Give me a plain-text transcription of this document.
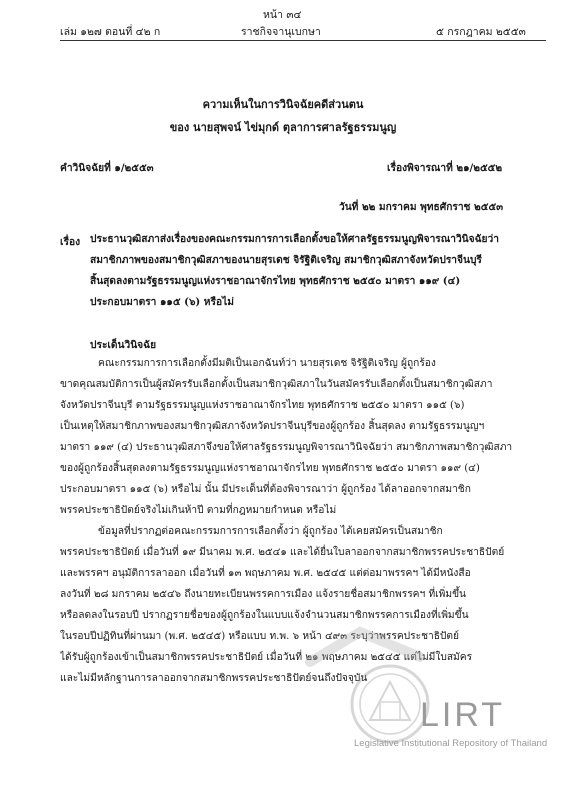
หน้า ๓๔
เล่ม ๑๒๗ ตอนที่ ๔๒ ก	ราชกิจจานุเบกษา	๕ กรกฎาคม ๒๕๕๓
ความเห็นในการวินิจฉัยคดีส่วนตน
ของ นายสุพจน์ ไข่มุกด์ ตุลาการศาลรัฐธรรมนูญ
คำวินิจฉัยที่ ๑/๒๕๕๓	เรื่องพิจารณาที่ ๒๑/๒๕๕๒
วันที่ ๒๒ มกราคม พุทธศักราช ๒๕๕๓
เรื่อง ประธานวุฒิสภาส่งเรื่องของคณะกรรมการการเลือกตั้งขอให้ศาลรัฐธรรมนูญพิจารณาวินิจฉัยว่า
สมาชิกภาพของสมาชิกวุฒิสภาของนายสุรเดช จิรัฐิติเจริญ สมาชิกวุฒิสภาจังหวัดปราจีนบุรี
สิ้นสุดลงตามรัฐธรรมนูญแห่งราชอาณาจักรไทย พุทธศักราช ๒๕๕๐ มาตรา ๑๑๙ (๔)
ประกอบมาตรา ๑๑๕ (๖) หรือไม่
ประเด็นวินิจฉัย
คณะกรรมการการเลือกตั้งมีมติเป็นเอกฉันท์ว่า นายสุรเดช จิรัฐิติเจริญ ผู้ถูกร้อง
ขาดคุณสมบัติการเป็นผู้สมัครรับเลือกตั้งเป็นสมาชิกวุฒิสภาในวันสมัครรับเลือกตั้งเป็นสมาชิกวุฒิสภา
จังหวัดปราจีนบุรี ตามรัฐธรรมนูญแห่งราชอาณาจักรไทย พุทธศักราช ๒๕๕๐ มาตรา ๑๑๕ (๖)
เป็นเหตุให้สมาชิกภาพของสมาชิกวุฒิสภาจังหวัดปราจีนบุรีของผู้ถูกร้อง สิ้นสุดลง ตามรัฐธรรมนูญฯ
มาตรา ๑๑๙ (๔) ประธานวุฒิสภาจึงขอให้ศาลรัฐธรรมนูญพิจารณาวินิจฉัยว่า สมาชิกภาพสมาชิกวุฒิสภา
ของผู้ถูกร้องสิ้นสุดลงตามรัฐธรรมนูญแห่งราชอาณาจักรไทย พุทธศักราช ๒๕๕๐ มาตรา ๑๑๙ (๔)
ประกอบมาตรา ๑๑๕ (๖) หรือไม่ นั้น มีประเด็นที่ต้องพิจารณาว่า ผู้ถูกร้อง ได้ลาออกจากสมาชิก
พรรคประชาธิปัตย์จริงไม่เกินห้าปี ตามที่กฎหมายกำหนด หรือไม่
ข้อมูลที่ปรากฏต่อคณะกรรมการการเลือกตั้งว่า ผู้ถูกร้อง ได้เคยสมัครเป็นสมาชิก
พรรคประชาธิปัตย์ เมื่อวันที่ ๑๙ มีนาคม พ.ศ. ๒๕๔๑ และได้ยื่นใบลาออกจากสมาชิกพรรคประชาธิปัตย์
และพรรคฯ อนุมัติการลาออก เมื่อวันที่ ๑๓ พฤษภาคม พ.ศ. ๒๕๔๕ แต่ต่อมาพรรคฯ ได้มีหนังสือ
ลงวันที่ ๒๘ มกราคม ๒๕๔๖ ถึงนายทะเบียนพรรคการเมือง แจ้งรายชื่อสมาชิกพรรคฯ ที่เพิ่มขึ้น
หรือลดลงในรอบปี ปรากฏรายชื่อของผู้ถูกร้องในแบบแจ้งจำนวนสมาชิกพรรคการเมืองที่เพิ่มขึ้น
ในรอบปีปฏิทินที่ผ่านมา (พ.ศ. ๒๕๔๕) หรือแบบ ท.พ. ๖ หน้า ๔๙๓ ระบุว่าพรรคประชาธิปัตย์
ได้รับผู้ถูกร้องเข้าเป็นสมาชิกพรรคประชาธิปัตย์ เมื่อวันที่ ๒๑ พฤษภาคม ๒๕๔๕ แต่ไม่มีใบสมัคร
และไม่มีหลักฐานการลาออกจากสมาชิกพรรคประชาธิปัตย์จนถึงปัจจุบัน
LIRT
Legislative Institutional Repository of Thailand
